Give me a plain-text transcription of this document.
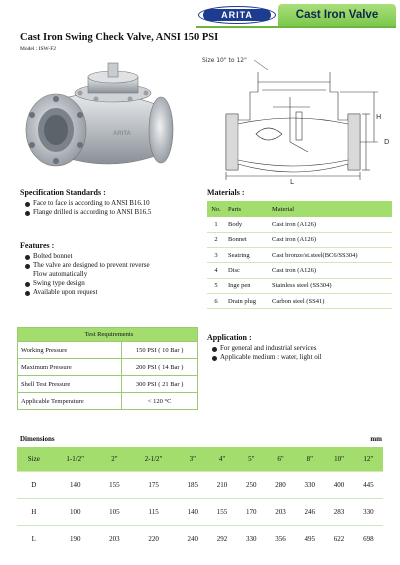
ARITA	Cast Iron Valve
Cast Iron Swing Check Valve, ANSI 150 PSI
Model : ISW-F2
ARITA
Size 10" to 12"
H
D
L
Specification Standards :
Face to face is according to ANSI B16.10
Flange drilled is according to ANSI B16.5
Features :
Bolted bonnet
The valve are designed to prevent reverse
Flow automatically
Swing type design
Available upon request
Materials :
No.	Parts	Material
1	Body	Cast iron (A126)
2	Bonnet	Cast iron (A126)
3	Seatring	Cast bronze/st.steel(BC6/SS304)
4	Disc	Cast iron (A126)
5	Inge pen	Stainless steel (SS304)
6	Drain plug	Carbon steel (SS41)
Test Requirements	
Working Pressure	150 PSI ( 10 Bar )
Maximum Pressure	200 PSI ( 14 Bar )
Shell Test Pressure	300 PSI ( 21 Bar )
Applicable Temperature	< 120 °C
Application :
For general and industrial services
Applicable medium : water, light oil
Dimensions	mm
Size	1-1/2"	2"	2-1/2"	3"	4"	5"	6"	8"	10"	12"
D	140	155	175	185	210	250	280	330	400	445
H	100	105	115	140	155	170	203	246	283	330
L	190	203	220	240	292	330	356	495	622	698
